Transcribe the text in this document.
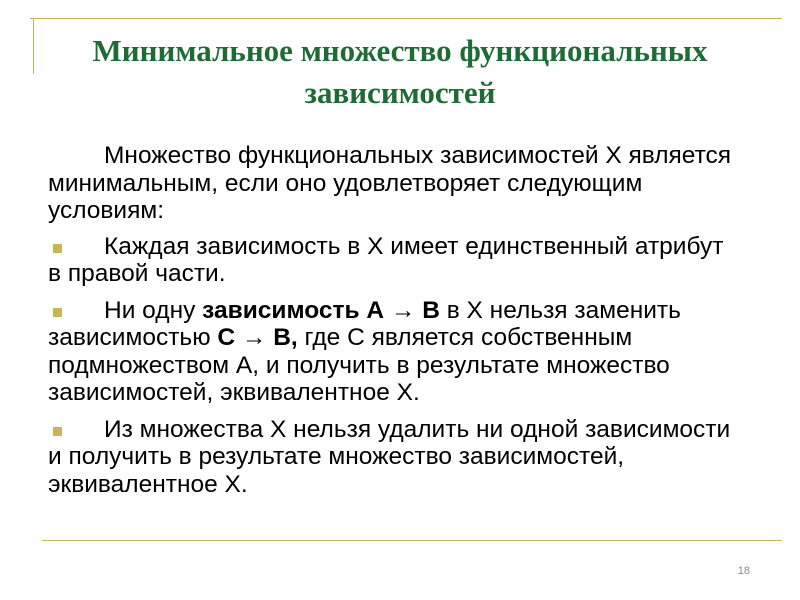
Минимальное множество функциональных
зависимостей

Множество функциональных зависимостей Х является минимальным, если оно удовлетворяет следующим условиям:

Каждая зависимость в Х имеет единственный атрибут в правой части.

Ни одну зависимость А → В в Х нельзя заменить зависимостью С → В, где С является собственным подмножеством А, и получить в результате множество зависимостей, эквивалентное Х.

Из множества Х нельзя удалить ни одной зависимости и получить в результате множество зависимостей, эквивалентное Х.

18
